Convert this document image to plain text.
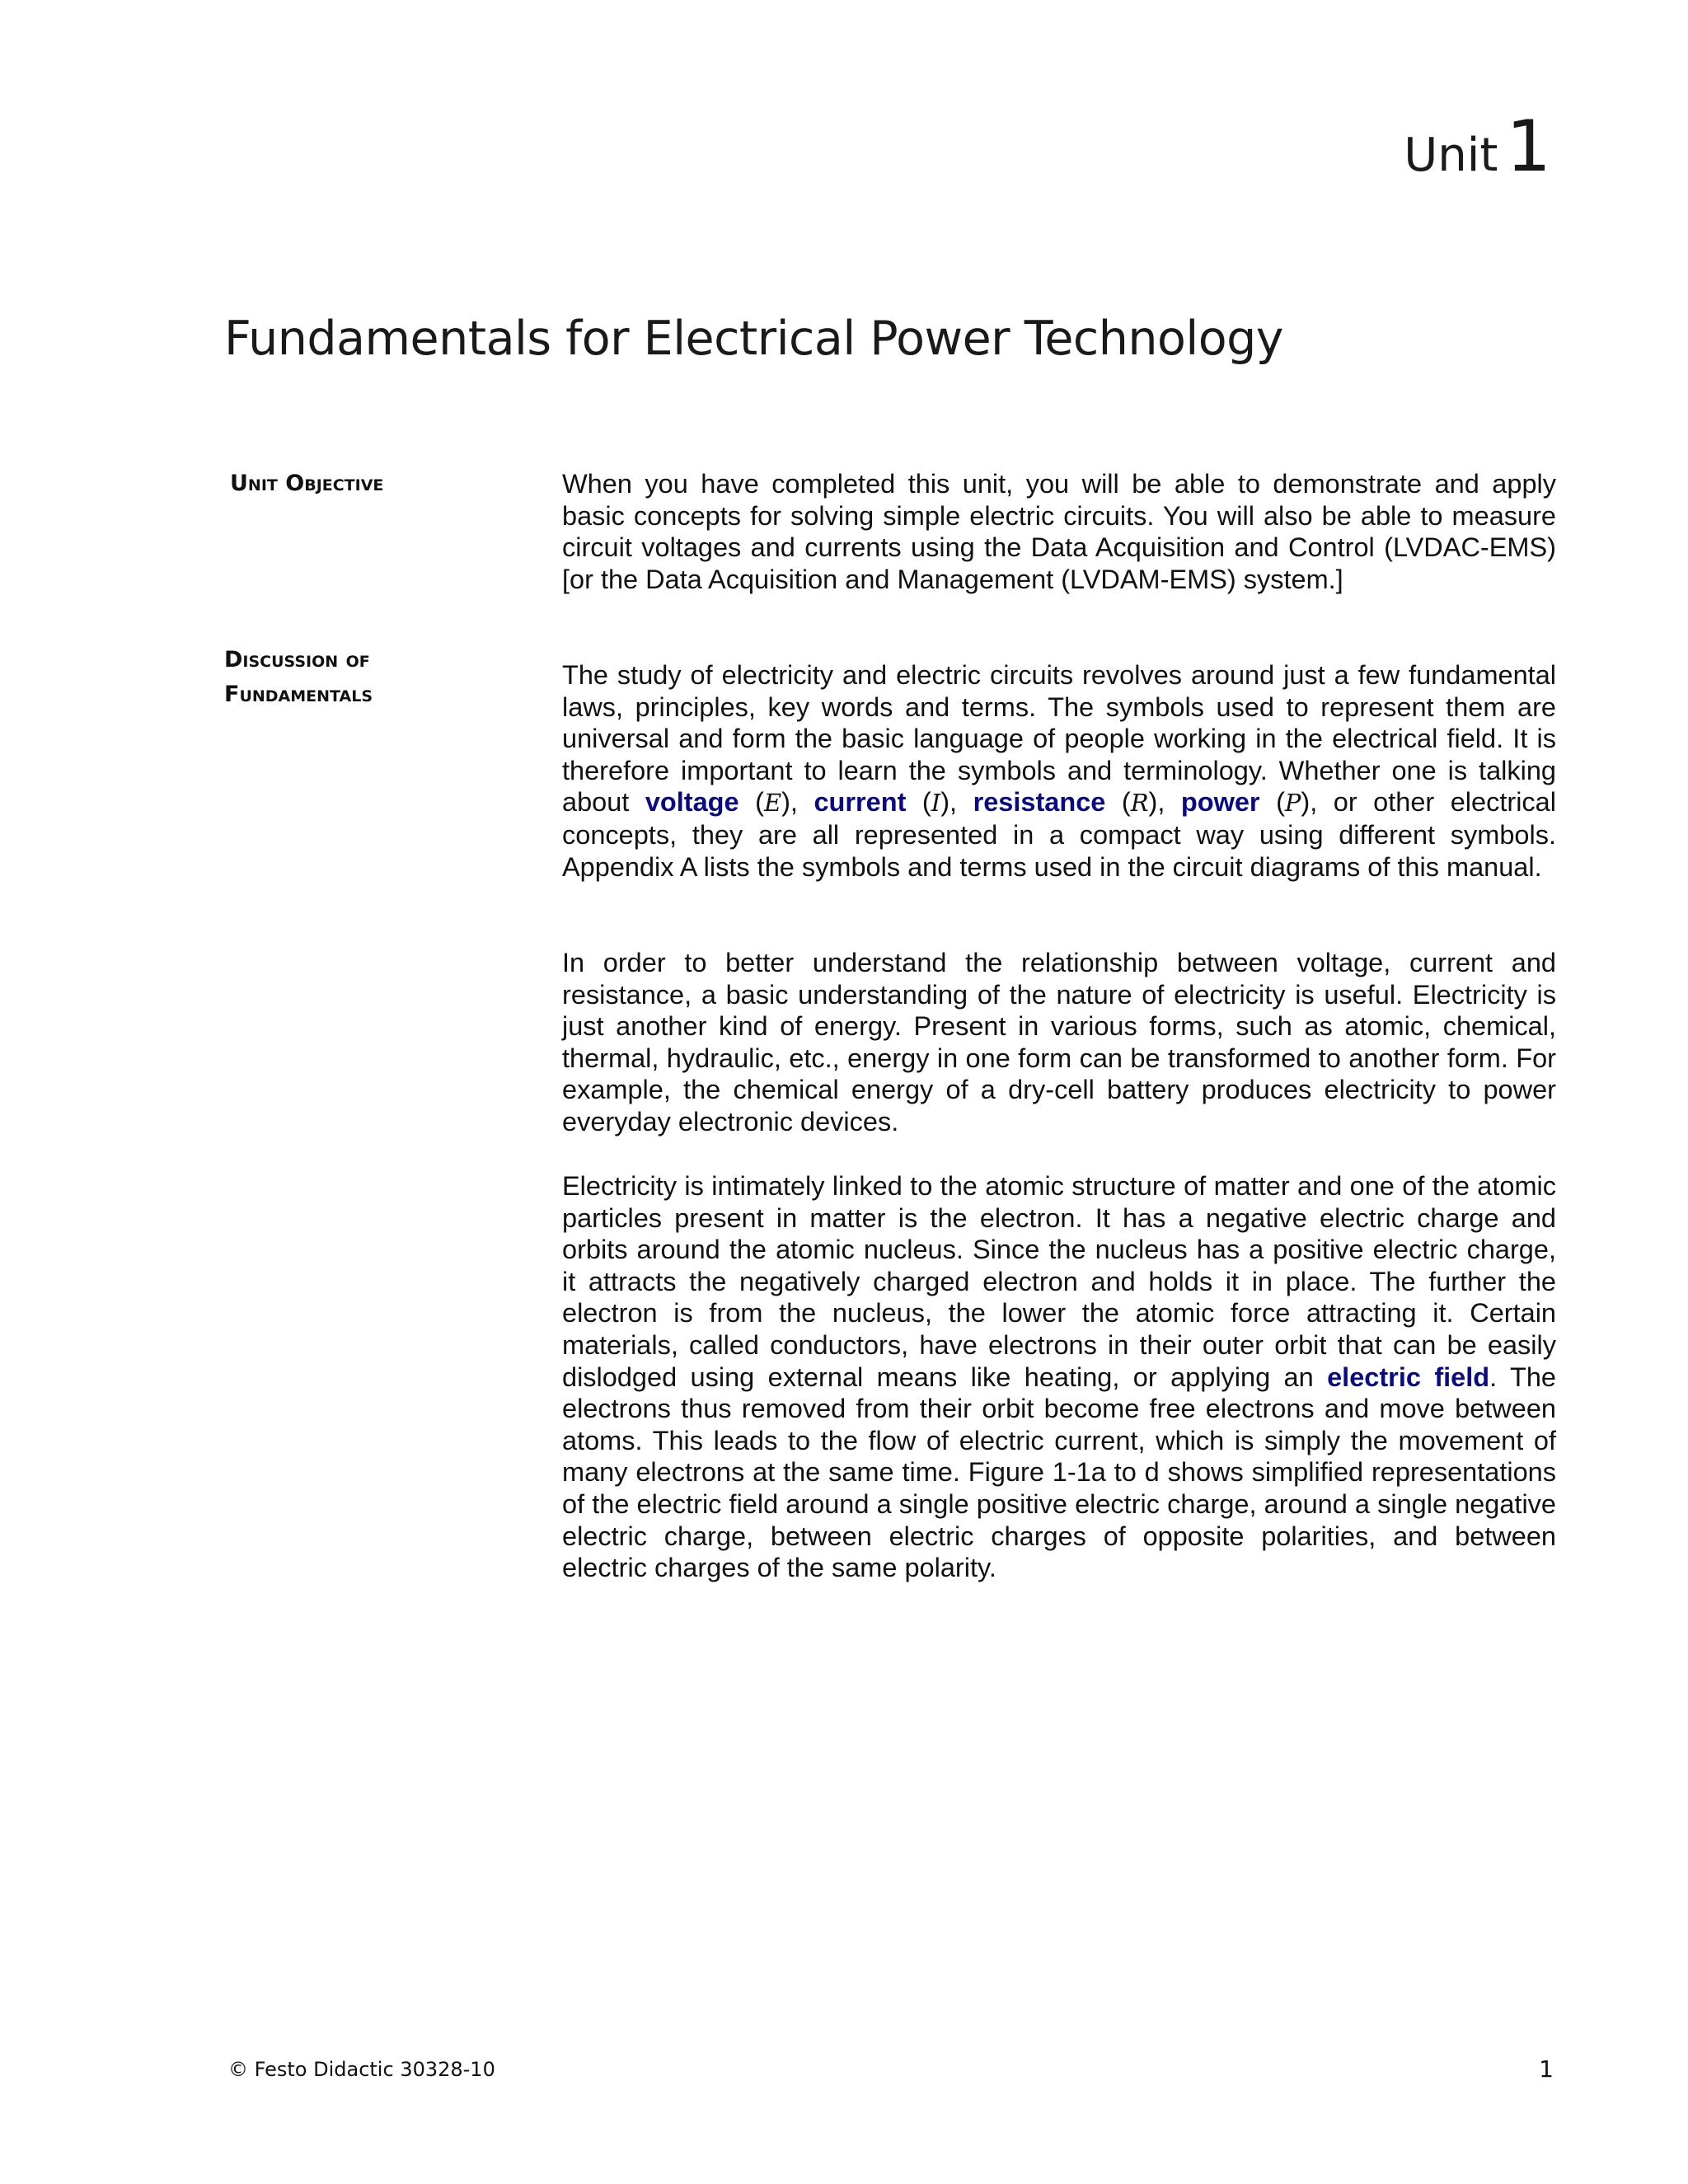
Unit 1
Fundamentals for Electrical Power Technology
Unit Objective
Discussion of Fundamentals

When you have completed this unit, you will be able to demonstrate and apply basic concepts for solving simple electric circuits. You will also be able to measure circuit voltages and currents using the Data Acquisition and Control (LVDAC-EMS) [or the Data Acquisition and Management (LVDAM-EMS) system.]

The study of electricity and electric circuits revolves around just a few fundamental laws, principles, key words and terms. The symbols used to represent them are universal and form the basic language of people working in the electrical field. It is therefore important to learn the symbols and terminology. Whether one is talking about voltage (E), current (I), resistance (R), power (P), or other electrical concepts, they are all represented in a compact way using different symbols. Appendix A lists the symbols and terms used in the circuit diagrams of this manual.

In order to better understand the relationship between voltage, current and resistance, a basic understanding of the nature of electricity is useful. Electricity is just another kind of energy. Present in various forms, such as atomic, chemical, thermal, hydraulic, etc., energy in one form can be transformed to another form. For example, the chemical energy of a dry-cell battery produces electricity to power everyday electronic devices.

Electricity is intimately linked to the atomic structure of matter and one of the atomic particles present in matter is the electron. It has a negative electric charge and orbits around the atomic nucleus. Since the nucleus has a positive electric charge, it attracts the negatively charged electron and holds it in place. The further the electron is from the nucleus, the lower the atomic force attracting it. Certain materials, called conductors, have electrons in their outer orbit that can be easily dislodged using external means like heating, or applying an electric field. The electrons thus removed from their orbit become free electrons and move between atoms. This leads to the flow of electric current, which is simply the movement of many electrons at the same time. Figure 1-1a to d shows simplified representations of the electric field around a single positive electric charge, around a single negative electric charge, between electric charges of opposite polarities, and between electric charges of the same polarity.

© Festo Didactic 30328-10	1
